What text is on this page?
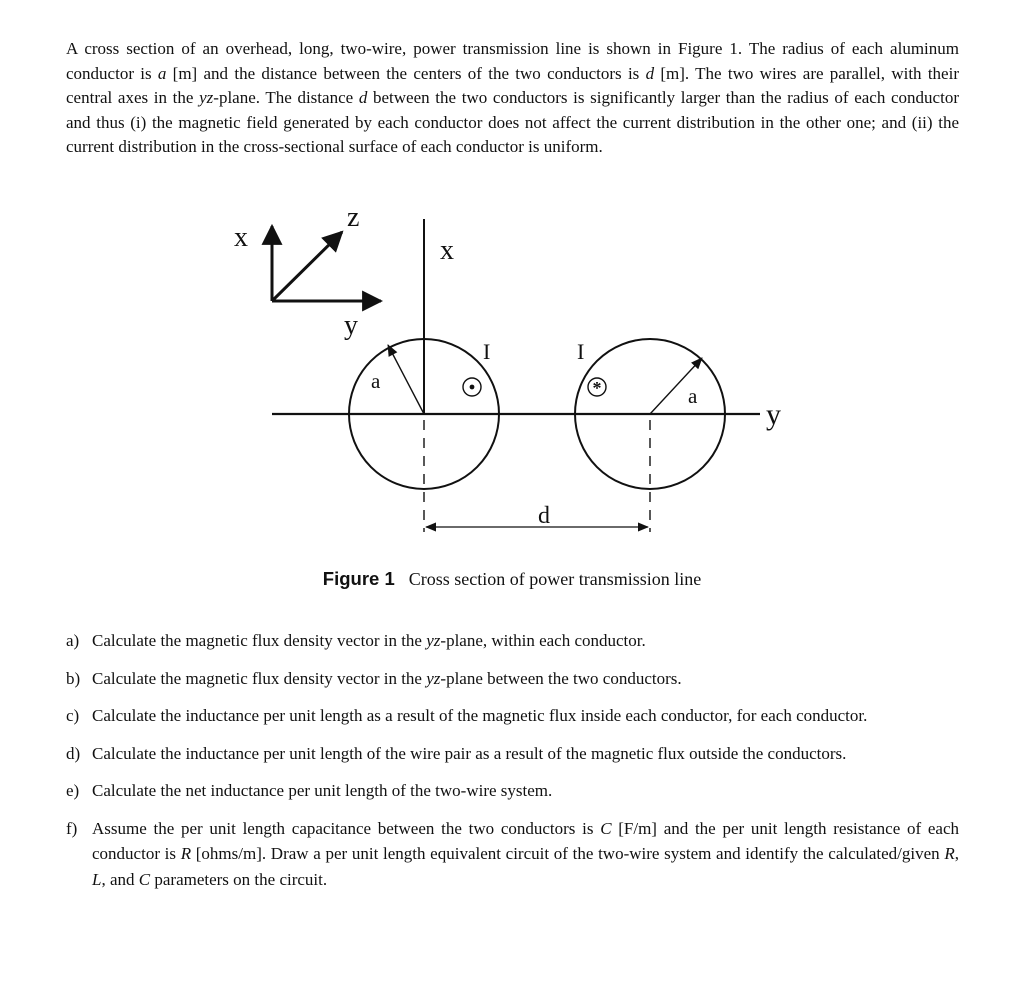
A cross section of an overhead, long, two-wire, power transmission line is shown in Figure 1. The radius of each aluminum conductor is a [m] and the distance between the centers of the two conductors is d [m]. The two wires are parallel, with their central axes in the yz-plane. The distance d between the two conductors is significantly larger than the radius of each conductor and thus (i) the magnetic field generated by each conductor does not affect the current distribution in the other one; and (ii) the current distribution in the cross-sectional surface of each conductor is uniform.

x
z
y
x
y
a
I
a
*
I
d
Figure 1 Cross section of power transmission line
a) Calculate the magnetic flux density vector in the yz-plane, within each conductor.
b) Calculate the magnetic flux density vector in the yz-plane between the two conductors.
c) Calculate the inductance per unit length as a result of the magnetic flux inside each conductor, for each conductor.
d) Calculate the inductance per unit length of the wire pair as a result of the magnetic flux outside the conductors.
e) Calculate the net inductance per unit length of the two-wire system.
f) Assume the per unit length capacitance between the two conductors is C [F/m] and the per unit length resistance of each conductor is R [ohms/m]. Draw a per unit length equivalent circuit of the two-wire system and identify the calculated/given R, L, and C parameters on the circuit.
